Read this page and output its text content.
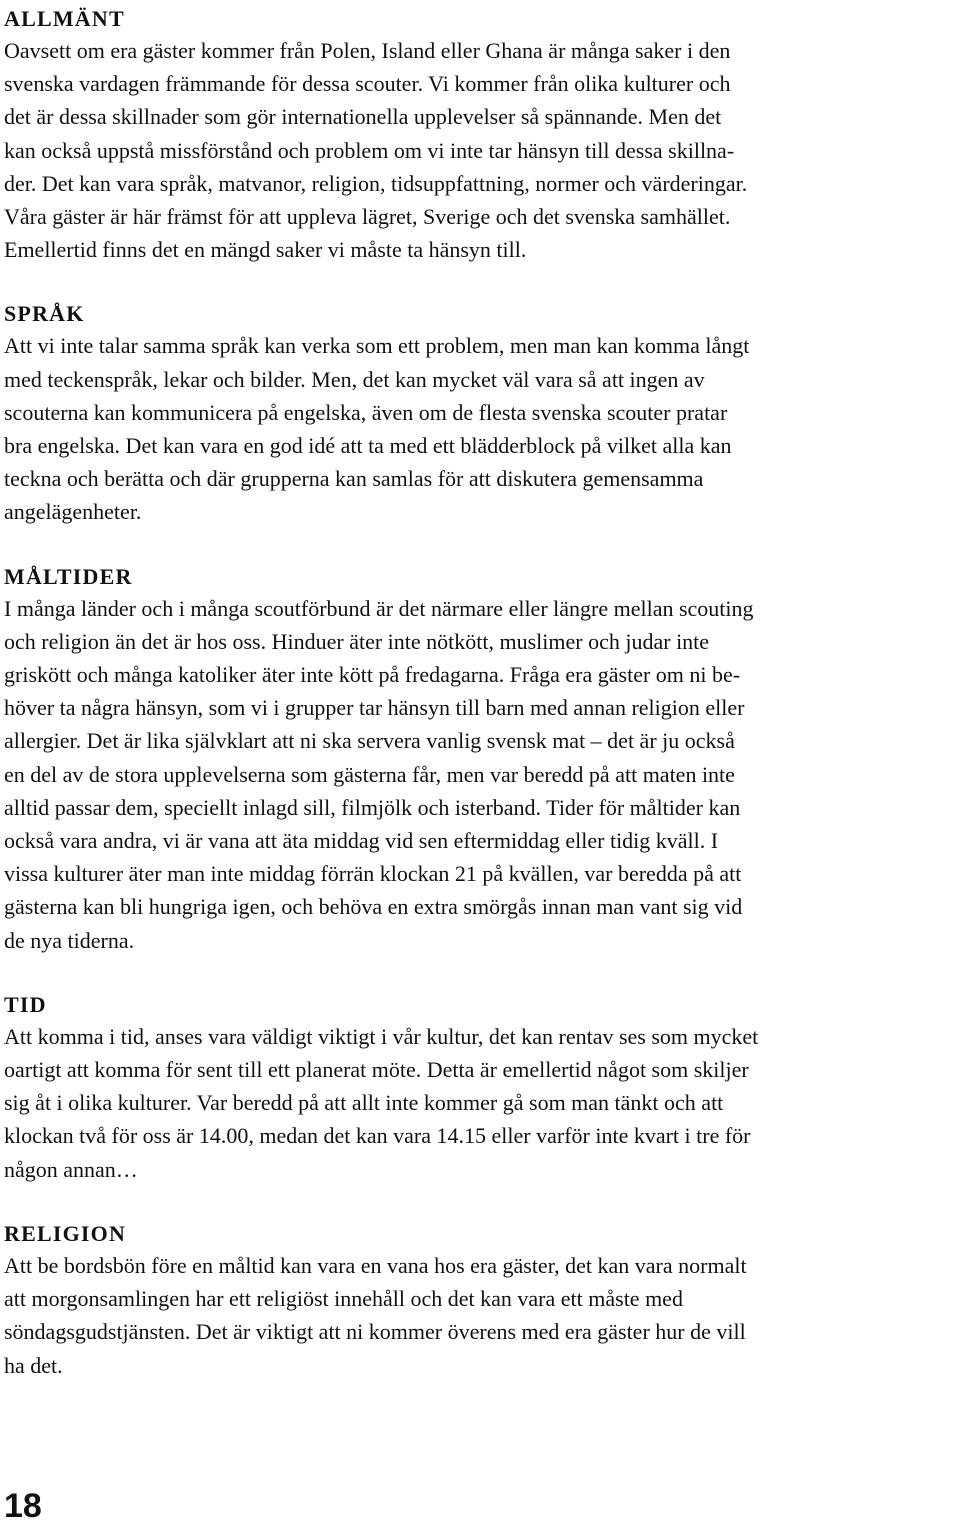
ALLMÄNT
Oavsett om era gäster kommer från Polen, Island eller Ghana är många saker i den
svenska vardagen främmande för dessa scouter. Vi kommer från olika kulturer och
det är dessa skillnader som gör internationella upplevelser så spännande. Men det
kan också uppstå missförstånd och problem om vi inte tar hänsyn till dessa skillna-
der. Det kan vara språk, matvanor, religion, tidsuppfattning, normer och värderingar.
Våra gäster är här främst för att uppleva lägret, Sverige och det svenska samhället.
Emellertid finns det en mängd saker vi måste ta hänsyn till.
SPRÅK
Att vi inte talar samma språk kan verka som ett problem, men man kan komma långt
med teckenspråk, lekar och bilder. Men, det kan mycket väl vara så att ingen av
scouterna kan kommunicera på engelska, även om de flesta svenska scouter pratar
bra engelska. Det kan vara en god idé att ta med ett blädderblock på vilket alla kan
teckna och berätta och där grupperna kan samlas för att diskutera gemensamma
angelägenheter.
MÅLTIDER
I många länder och i många scoutförbund är det närmare eller längre mellan scouting
och religion än det är hos oss. Hinduer äter inte nötkött, muslimer och judar inte
griskött och många katoliker äter inte kött på fredagarna. Fråga era gäster om ni be-
höver ta några hänsyn, som vi i grupper tar hänsyn till barn med annan religion eller
allergier. Det är lika självklart att ni ska servera vanlig svensk mat – det är ju också
en del av de stora upplevelserna som gästerna får, men var beredd på att maten inte
alltid passar dem, speciellt inlagd sill, filmjölk och isterband. Tider för måltider kan
också vara andra, vi är vana att äta middag vid sen eftermiddag eller tidig kväll. I
vissa kulturer äter man inte middag förrän klockan 21 på kvällen, var beredda på att
gästerna kan bli hungriga igen, och behöva en extra smörgås innan man vant sig vid
de nya tiderna.
TID
Att komma i tid, anses vara väldigt viktigt i vår kultur, det kan rentav ses som mycket
oartigt att komma för sent till ett planerat möte. Detta är emellertid något som skiljer
sig åt i olika kulturer. Var beredd på att allt inte kommer gå som man tänkt och att
klockan två för oss är 14.00, medan det kan vara 14.15 eller varför inte kvart i tre för
någon annan…
RELIGION
Att be bordsbön före en måltid kan vara en vana hos era gäster, det kan vara normalt
att morgonsamlingen har ett religiöst innehåll och det kan vara ett måste med
söndagsgudstjänsten. Det är viktigt att ni kommer överens med era gäster hur de vill
ha det.
18
